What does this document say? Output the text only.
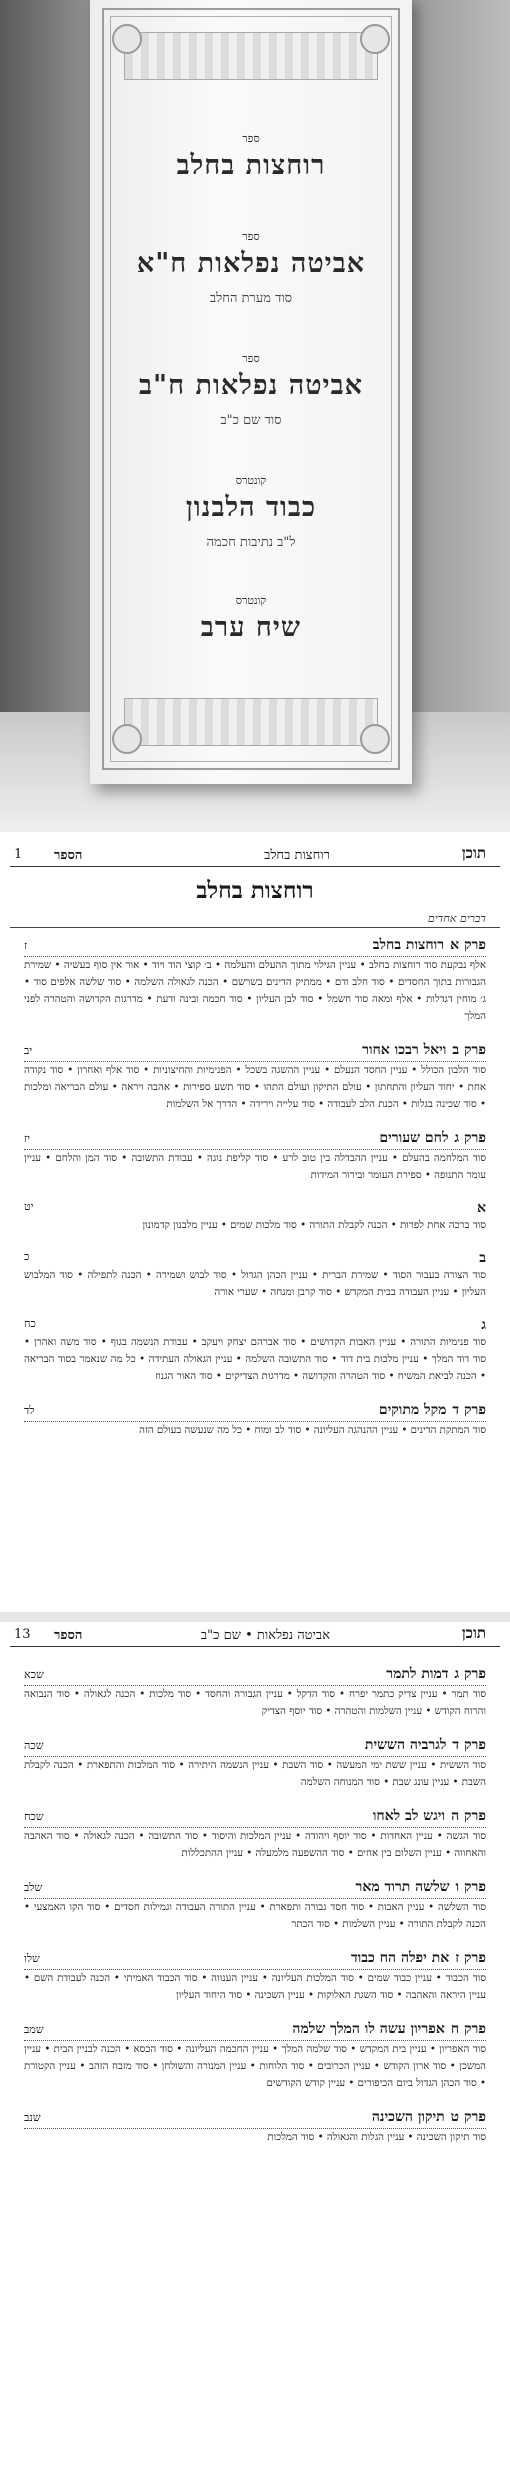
ספר
רוחצות בחלב
ספר
אביטה נפלאות ח"א
סוד מערת החלב
ספר
אביטה נפלאות ח"ב
סוד שם כ"ב
קונטרס
כבוד הלבנון
ל"ב נתיבות חכמה
קונטרס
שיח ערב
תוכן
רוחצות בחלב
הספר
1
רוחצות בחלב
דברים אחדים
פרק א
רוחצות בחלב
ז
אלף נבקעת סוד רוחצות בחלב • עניין הגילוי מתוך ההעלם והעלמה • ב׳ קוצי הוד ויוד • אור אין סוף בעשיה • שמירת הגבורות בתוך החסדים • סוד חלב ודם • ממתיק הדינים בשרשם • הכנה לגאולה השלמה • סוד שלשה אלפים סוד • ג׳ מוחין דגדלות • אלף ומאה סוד חשמל • סוד לבן העליון • סוד חכמה ובינה ודעת • מדרגות הקדושה והטהרה לפני המלך
פרק ב
ויאל רבכו אחור
יב
סוד הלבון הכולל • עניין החסד הנעלם • עניין ההשגה בשכל • הפנימיות והחיצוניות • סוד אלף ואחרון • סוד נקודה אחת • יחוד העליון והתחתון • עולם התיקון ועולם התהו • סוד תשע ספירות • אהבה ויראה • עולם הבריאה ומלכות • סוד שכינה בגלות • הכנת הלב לעבודה • סוד עלייה וירידה • הדרך אל השלמות
פרק ג
לחם שעורים
יז
סוד המלחמה בהעלם • עניין ההבדלה בין טוב לרע • סוד קליפת נוגה • עבודת התשובה • סוד המן והלחם • עניין עומר התנופה • ספירת העומר ובירור המידות
א
יט
סוד ברכה אחת לפרות • הכנה לקבלת התורה • סוד מלכות שמים • עניין מלבנון קדמונון
ב
כ
סוד הצורה בעבור הסוד • שמירת הברית • עניין הכהן הגדול • סוד לבוש ושמירה • הכנה לתפילה • סוד המלבוש העליון • עניין העבודה בבית המקדש • סוד קרבן ומנחה • שערי אורה
ג
כח
סוד פנימיות התורה • עניין האבות הקדושים • סוד אברהם יצחק ויעקב • עבודת הנשמה בגוף • סוד משה ואהרן • סוד דוד המלך • עניין מלכות בית דוד • סוד התשובה השלמה • עניין הגאולה העתידה • כל מה שנאמר בסוד הבריאה • הכנה לביאת המשיח • סוד הטהרה והקדושה • מדרגות הצדיקים • סוד האור הגנוז
פרק ד
מקל מתוקים
לד
סוד המתקת הדינים • עניין ההנהגה העליונה • סוד לב ומוח • כל מה שנעשה בעולם הזה
תוכן
אביטה נפלאות • שם כ"ב
הספר
13
פרק ג
דמות לתמר
שכא
סוד תמר • עניין צדיק כתמר יפרח • סוד הדקל • עניין הגבורה והחסד • סוד מלכות • הכנה לגאולה • סוד הנבואה והרוח הקודש • עניין השלמות והטהרה • סוד יוסף הצדיק
פרק ד
לגרביה הששית
שכה
סוד הששית • עניין ששת ימי המעשה • סוד השבת • עניין הנשמה היתירה • סוד המלכות והתפארת • הכנה לקבלת השבת • עניין עונג שבת • סוד המנוחה השלמה
פרק ה
ויגש לב לאחו
שכח
סוד הגשה • עניין האחדות • סוד יוסף ויהודה • עניין המלכות והיסוד • סוד התשובה • הכנה לגאולה • סוד האהבה והאחווה • עניין השלום בין אחים • סוד ההשפעה מלמעלה • עניין ההתכללות
פרק ו
שלשה תרוד מאר
שלב
סוד השלשה • עניין האבות • סוד חסד גבורה ותפארת • עניין התורה העבודה וגמילות חסדים • סוד הקו האמצעי • הכנה לקבלת התורה • עניין השלמות • סוד הכתר
פרק ז
את יפלה הח כבוד
שלו
סוד הכבוד • עניין כבוד שמים • סוד המלכות העליונה • עניין הענווה • סוד הכבוד האמיתי • הכנה לעבודת השם • עניין היראה והאהבה • סוד השגת האלוקות • עניין השכינה • סוד היחוד העליון
פרק ח
אפריון עשה לו המלך שלמה
שמב
סוד האפריון • עניין בית המקדש • סוד שלמה המלך • עניין החכמה העליונה • סוד הכסא • הכנה לבניין הבית • עניין המשכן • סוד ארון הקודש • עניין הכרובים • סוד הלוחות • עניין המנורה והשולחן • סוד מזבח הזהב • עניין הקטורת • סוד הכהן הגדול ביום הכיפורים • עניין קודש הקודשים
פרק ט
תיקון השכינה
שנב
סוד תיקון השכינה • עניין הגלות והגאולה • סוד המלכות
